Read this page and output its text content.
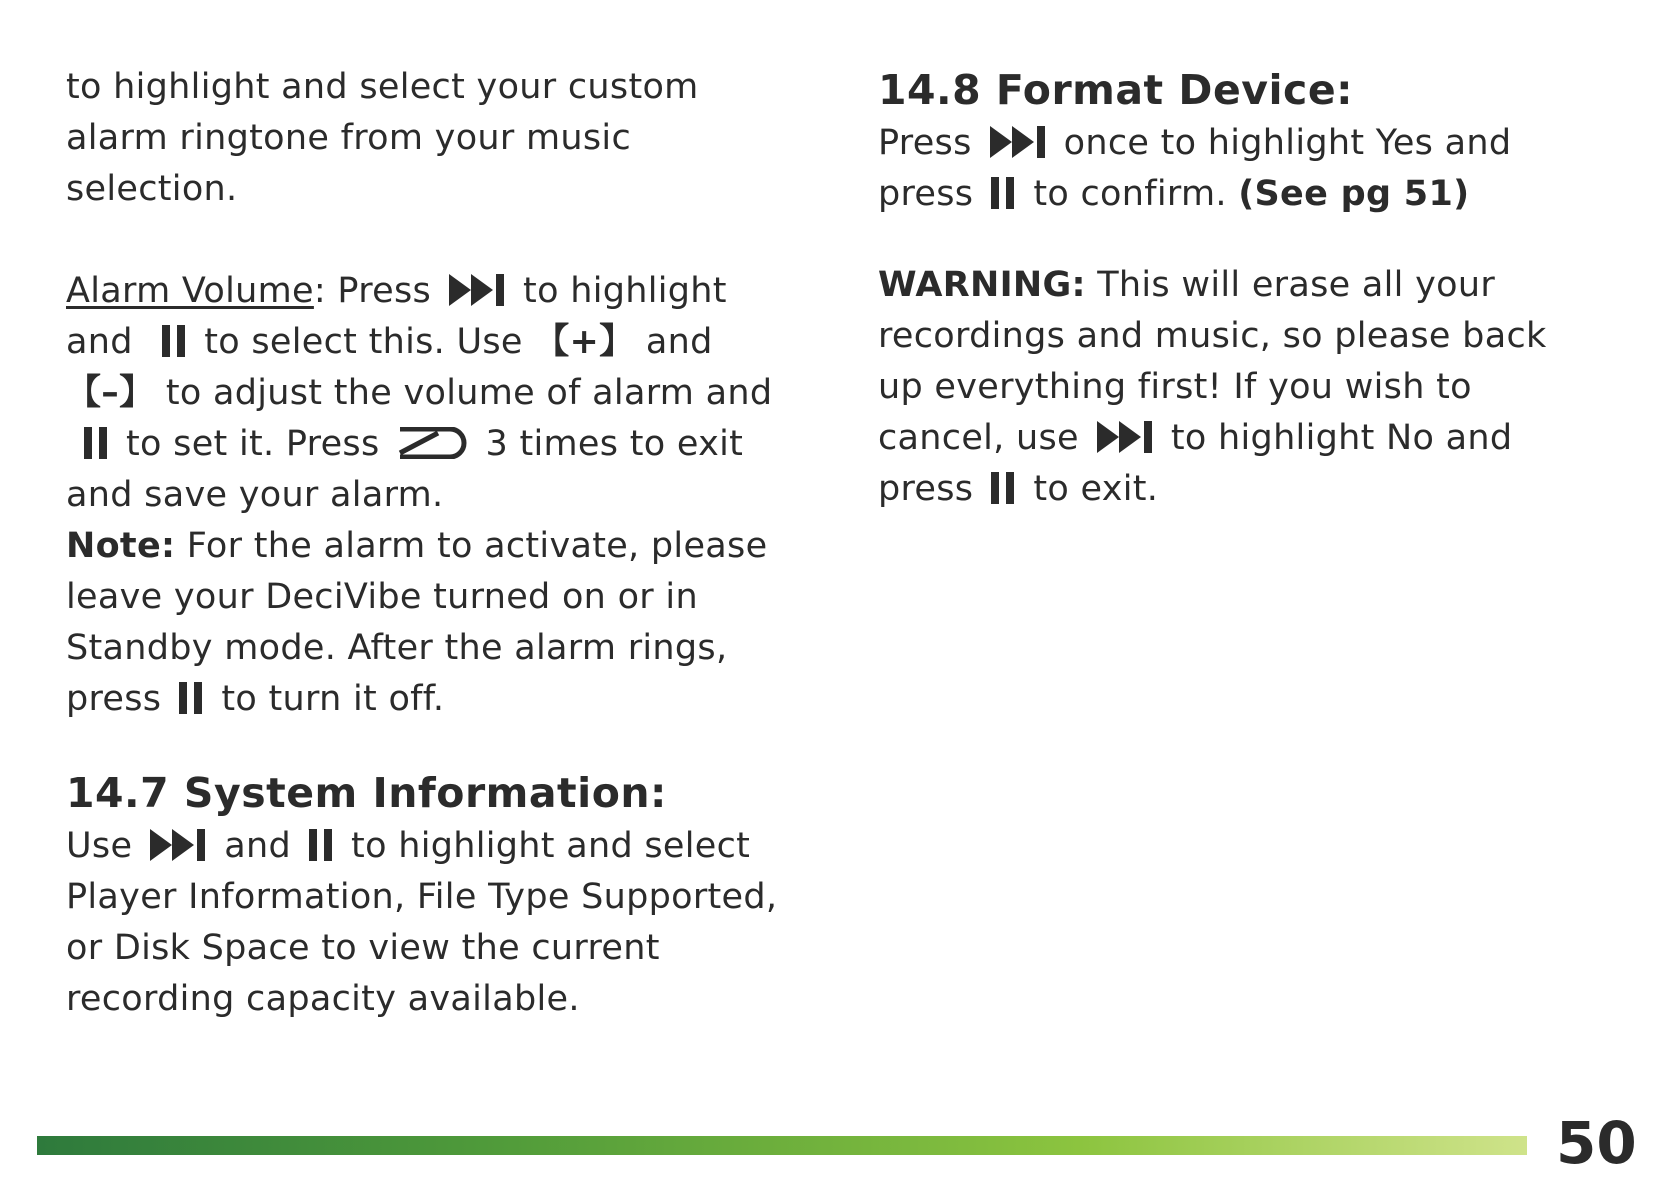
to highlight and select your custom alarm ringtone from your music selection.

Alarm Volume: Press	to highlight and to select this. Use 【+】 and 【–】 to adjust the volume of alarm and
to set it. Press	3 times to exit and save your alarm.

Note: For the alarm to activate, please leave your DeciVibe turned on or in Standby mode. After the alarm rings, press to turn it off.

14.7 System Information:

Use	and to highlight and select Player Information, File Type Supported, or Disk Space to view the current recording capacity available.

14.8 Format Device:

Press	once to highlight Yes and press to confirm. (See pg 51)

WARNING: This will erase all your recordings and music, so please back up everything first! If you wish to cancel, use	to highlight No and press to exit.

50
